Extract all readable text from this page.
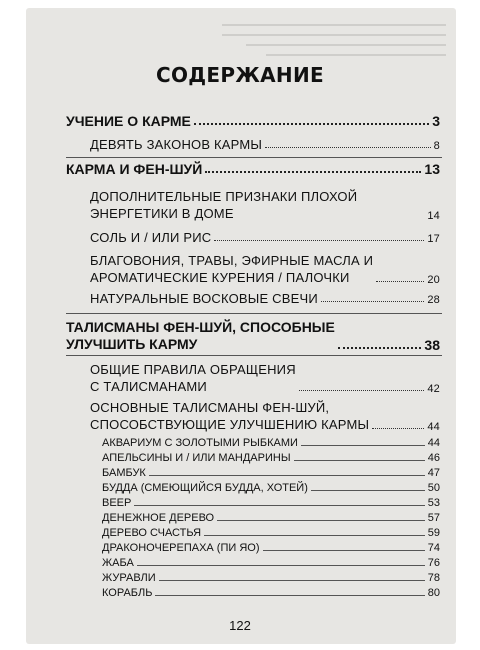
СОДЕРЖАНИЕ
УЧЕНИЕ О КАРМЕ	3
ДЕВЯТЬ ЗАКОНОВ КАРМЫ	8
КАРМА И ФЕН-ШУЙ	13
ДОПОЛНИТЕЛЬНЫЕ ПРИЗНАКИ ПЛОХОЙ
ЭНЕРГЕТИКИ В ДОМЕ	14
СОЛЬ И / ИЛИ РИС	17
БЛАГОВОНИЯ, ТРАВЫ, ЭФИРНЫЕ МАСЛА И
АРОМАТИЧЕСКИЕ КУРЕНИЯ / ПАЛОЧКИ	20
НАТУРАЛЬНЫЕ ВОСКОВЫЕ СВЕЧИ	28
ТАЛИСМАНЫ ФЕН-ШУЙ, СПОСОБНЫЕ
УЛУЧШИТЬ КАРМУ	38
ОБЩИЕ ПРАВИЛА ОБРАЩЕНИЯ
С ТАЛИСМАНАМИ	42
ОСНОВНЫЕ ТАЛИСМАНЫ ФЕН-ШУЙ,
СПОСОБСТВУЮЩИЕ УЛУЧШЕНИЮ КАРМЫ	44
АКВАРИУМ С ЗОЛОТЫМИ РЫБКАМИ	44
АПЕЛЬСИНЫ И / ИЛИ МАНДАРИНЫ	46
БАМБУК	47
БУДДА (СМЕЮЩИЙСЯ БУДДА, ХОТЕЙ)	50
ВЕЕР	53
ДЕНЕЖНОЕ ДЕРЕВО	57
ДЕРЕВО СЧАСТЬЯ	59
ДРАКОНОЧЕРЕПАХА (ПИ ЯО)	74
ЖАБА	76
ЖУРАВЛИ	78
КОРАБЛЬ	80
122
